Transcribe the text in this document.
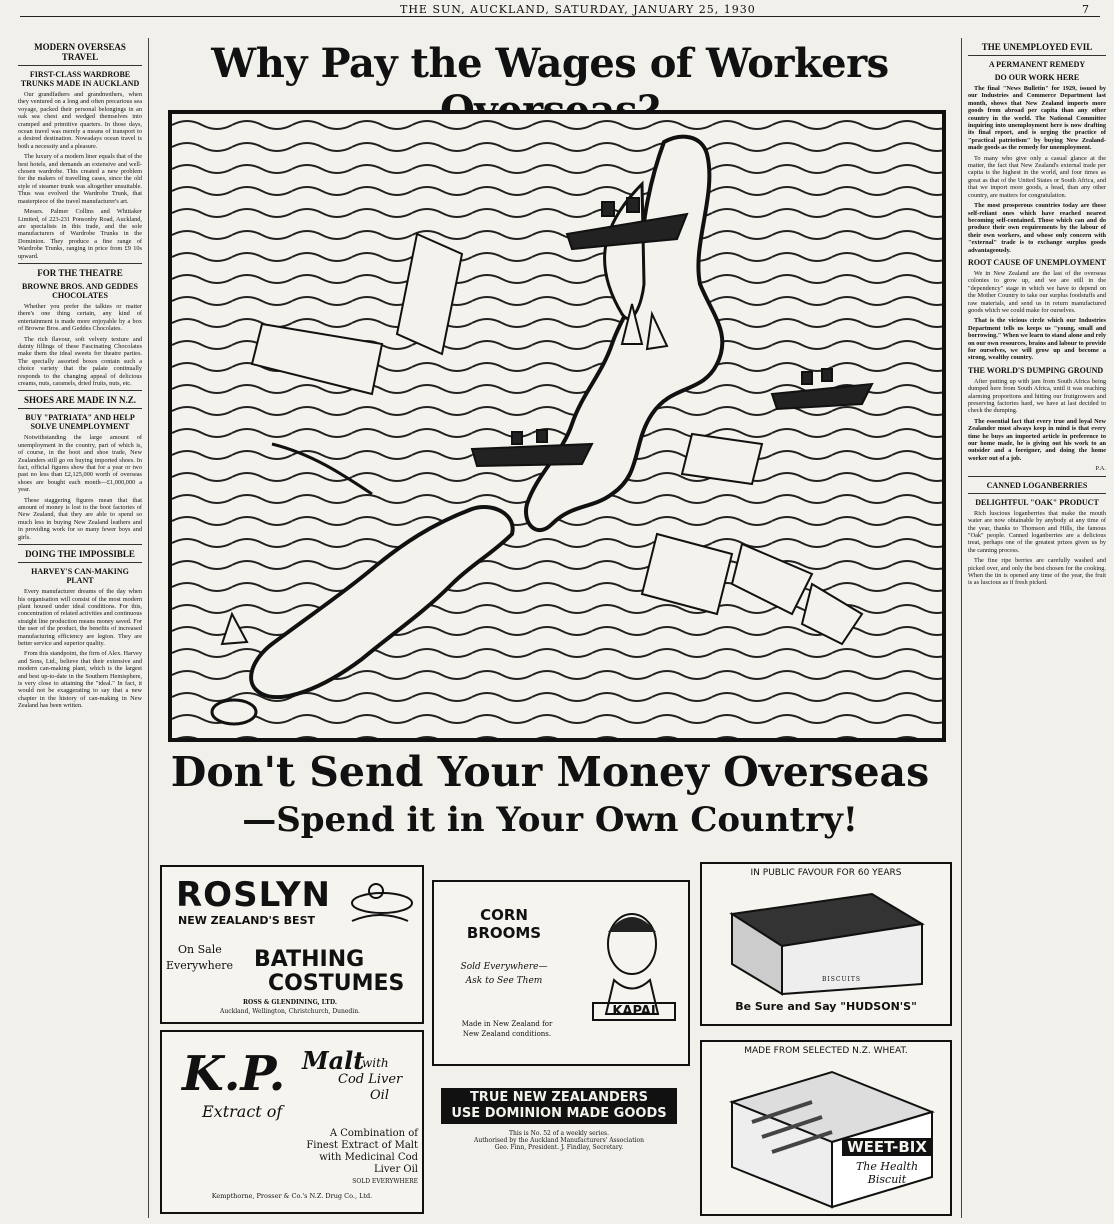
THE SUN, AUCKLAND, SATURDAY, JANUARY 25, 1930	7
MODERN OVERSEAS TRAVEL
FIRST-CLASS WARDROBE TRUNKS MADE IN AUCKLAND

Our grandfathers and grandmothers, when they ventured on a long and often precarious sea voyage, packed their personal belongings in an oak sea chest and wedged themselves into cramped and primitive quarters. In those days, ocean travel was merely a means of transport to a desired destination. Nowadays ocean travel is both a necessity and a pleasure.

The luxury of a modern liner equals that of the best hotels, and demands an extensive and well-chosen wardrobe. This created a new problem for the makers of travelling cases, since the old style of steamer trunk was altogether unsuitable. Thus was evolved the Wardrobe Trunk, that masterpiece of the travel manufacturer's art.

Messrs. Palmer Collins and Whittaker Limited, of 223-231 Ponsonby Road, Auckland, are specialists in this trade, and the sole manufacturers of Wardrobe Trunks in the Dominion. They produce a fine range of Wardrobe Trunks, ranging in price from £9 10s upward.

FOR THE THEATRE
BROWNE BROS. AND GEDDES CHOCOLATES

Whether you prefer the talkies or matter there's one thing certain, any kind of entertainment is made more enjoyable by a box of Browne Bros. and Geddes Chocolates.

The rich flavour, soft velvety texture and dainty fillings of these Fascinating Chocolates make them the ideal sweets for theatre parties. The specially assorted boxes contain such a choice variety that the palate continually responds to the changing appeal of delicious creams, nuts, caramels, dried fruits, nuts, etc.

SHOES ARE MADE IN N.Z.
BUY "PATRIATA" AND HELP SOLVE UNEMPLOYMENT

Notwithstanding the large amount of unemployment in the country, part of which is, of course, in the boot and shoe trade, New Zealanders still go on buying imported shoes. In fact, official figures show that for a year or two past no less than £2,125,000 worth of overseas shoes are bought each month—£1,000,000 a year.

These staggering figures mean that that amount of money is lost to the boot factories of New Zealand, that they are able to spend so much less in buying New Zealand leathers and in providing work for so many fewer boys and girls.

DOING THE IMPOSSIBLE
HARVEY'S CAN-MAKING PLANT

Every manufacturer dreams of the day when his organisation will consist of the most modern plant housed under ideal conditions. For this, concentration of related activities and continuous straight line production means money saved. For the user of the product, the benefits of increased manufacturing efficiency are legion. They are better service and superior quality.

From this standpoint, the firm of Alex. Harvey and Sons, Ltd., believe that their extensive and modern can-making plant, which is the largest and best up-to-date in the Southern Hemisphere, is very close to attaining the "ideal." In fact, it would not be exaggerating to say that a new chapter in the history of can-making in New Zealand has been written.

THE UNEMPLOYED EVIL
A PERMANENT REMEDY
DO OUR WORK HERE

The final "News Bulletin" for 1929, issued by our Industries and Commerce Department last month, shows that New Zealand imports more goods from abroad per capita than any other country in the world. The National Committee inquiring into unemployment here is now drafting its final report, and is urging the practice of "practical patriotism" by buying New Zealand-made goods as the remedy for unemployment.

To many who give only a casual glance at the matter, the fact that New Zealand's external trade per capita is the highest in the world, and four times as great as that of the United States or South Africa, and that we import more goods, a head, than any other country, are matters for congratulation.

The most prosperous countries today are those self-reliant ones which have reached nearest becoming self-contained. Those which can and do produce their own requirements by the labour of their own workers, and whose only concern with "external" trade is to exchange surplus goods advantageously.

ROOT CAUSE OF UNEMPLOYMENT

We in New Zealand are the last of the overseas colonies to grow up, and we are still in the "dependency" stage in which we have to depend on the Mother Country to take our surplus foodstuffs and raw materials, and send us in return manufactured goods which we could make for ourselves.

That is the vicious circle which our Industries Department tells us keeps us "young, small and borrowing." When we learn to stand alone and rely on our own resources, brains and labour to provide for ourselves, we will grow up and become a strong, wealthy country.

THE WORLD'S DUMPING GROUND

After putting up with jam from South Africa being dumped here from South Africa, until it was reaching alarming proportions and hitting our fruitgrowers and preserving factories hard, we have at last decided to check the dumping.

The essential fact that every true and loyal New Zealander must always keep in mind is that every time he buys an imported article in preference to our home made, he is giving out his work to an outsider and a foreigner, and doing the home worker out of a job.

P.A.

CANNED LOGANBERRIES
DELIGHTFUL "OAK" PRODUCT

Rich luscious loganberries that make the mouth water are now obtainable by anybody at any time of the year, thanks to Thomson and Hills, the famous "Oak" people. Canned loganberries are a delicious treat, perhaps one of the greatest prizes given us by the canning process.

The fine ripe berries are carefully washed and picked over, and only the best chosen for the cooking. When the tin is opened any time of the year, the fruit is as luscious as if fresh picked.

Why Pay the Wages of Workers
Don't Send Your Money Overseas
—Spend it in Your Own Country!
ROSLYN
NEW ZEALAND'S BEST
On Sale
Everywhere BATHING
COSTUMES
ROSS & GLENDINING, LTD.
Auckland, Wellington, Christchurch, Dunedin.
CORN
BROOMS
Sold Everywhere—
Ask to See Them
Made in New Zealand for
New Zealand conditions.
KAPAI
IN PUBLIC FAVOUR FOR 60 YEARS
BISCUITS
Be Sure and Say "HUDSON'S"
K.P.
Extract of
Malt
with
Cod Liver
Oil
A Combination of
Finest Extract of Malt
with Medicinal Cod
Liver Oil
SOLD EVERYWHERE
Kempthorne, Prosser & Co.'s N.Z. Drug Co., Ltd.
TRUE NEW ZEALANDERS
USE DOMINION MADE GOODS
This is No. 52 of a weekly series.
Authorised by the Auckland Manufacturers' Association
Geo. Finn, President. J. Findlay, Secretary.
MADE FROM SELECTED N.Z. WHEAT.
WEET-BIX
The Health Biscuit
